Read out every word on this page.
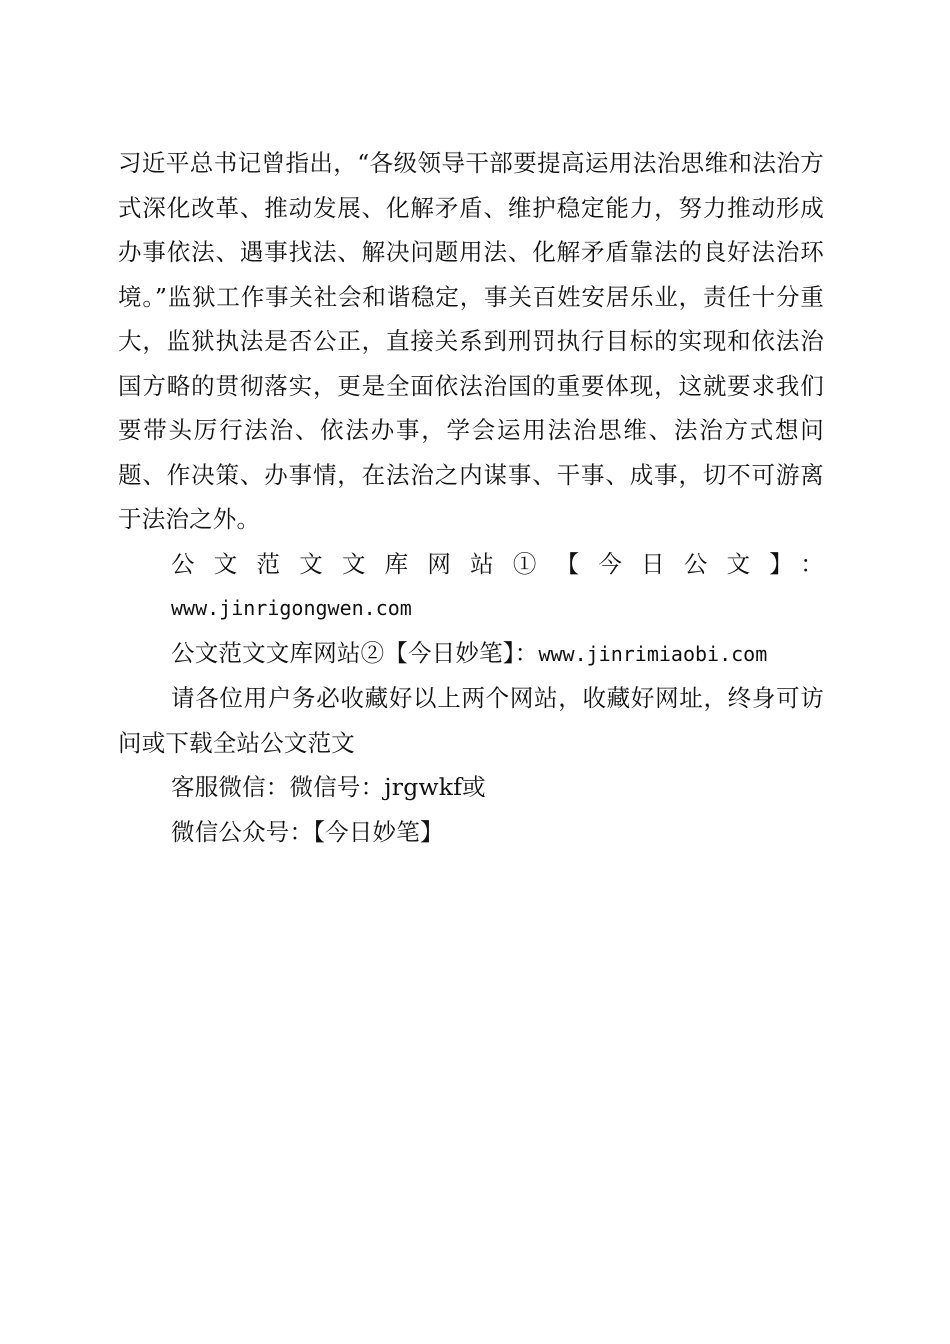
习近平总书记曾指出，“各级领导干部要提高运用法治思维和法治方式深化改革、推动发展、化解矛盾、维护稳定能力，努力推动形成办事依法、遇事找法、解决问题用法、化解矛盾靠法的良好法治环境。”监狱工作事关社会和谐稳定，事关百姓安居乐业，责任十分重大，监狱执法是否公正，直接关系到刑罚执行目标的实现和依法治国方略的贯彻落实，更是全面依法治国的重要体现，这就要求我们要带头厉行法治、依法办事，学会运用法治思维、法治方式想问题、作决策、办事情，在法治之内谋事、干事、成事，切不可游离于法治之外。

公文范文文库网站①【今日公文】：
www.jinrigongwen.com

公文范文文库网站②【今日妙笔】：www.jinrimiaobi.com

请各位用户务必收藏好以上两个网站，收藏好网址，终身可访问或下载全站公文范文

客服微信：微信号：jrgwkf或

微信公众号：【今日妙笔】
